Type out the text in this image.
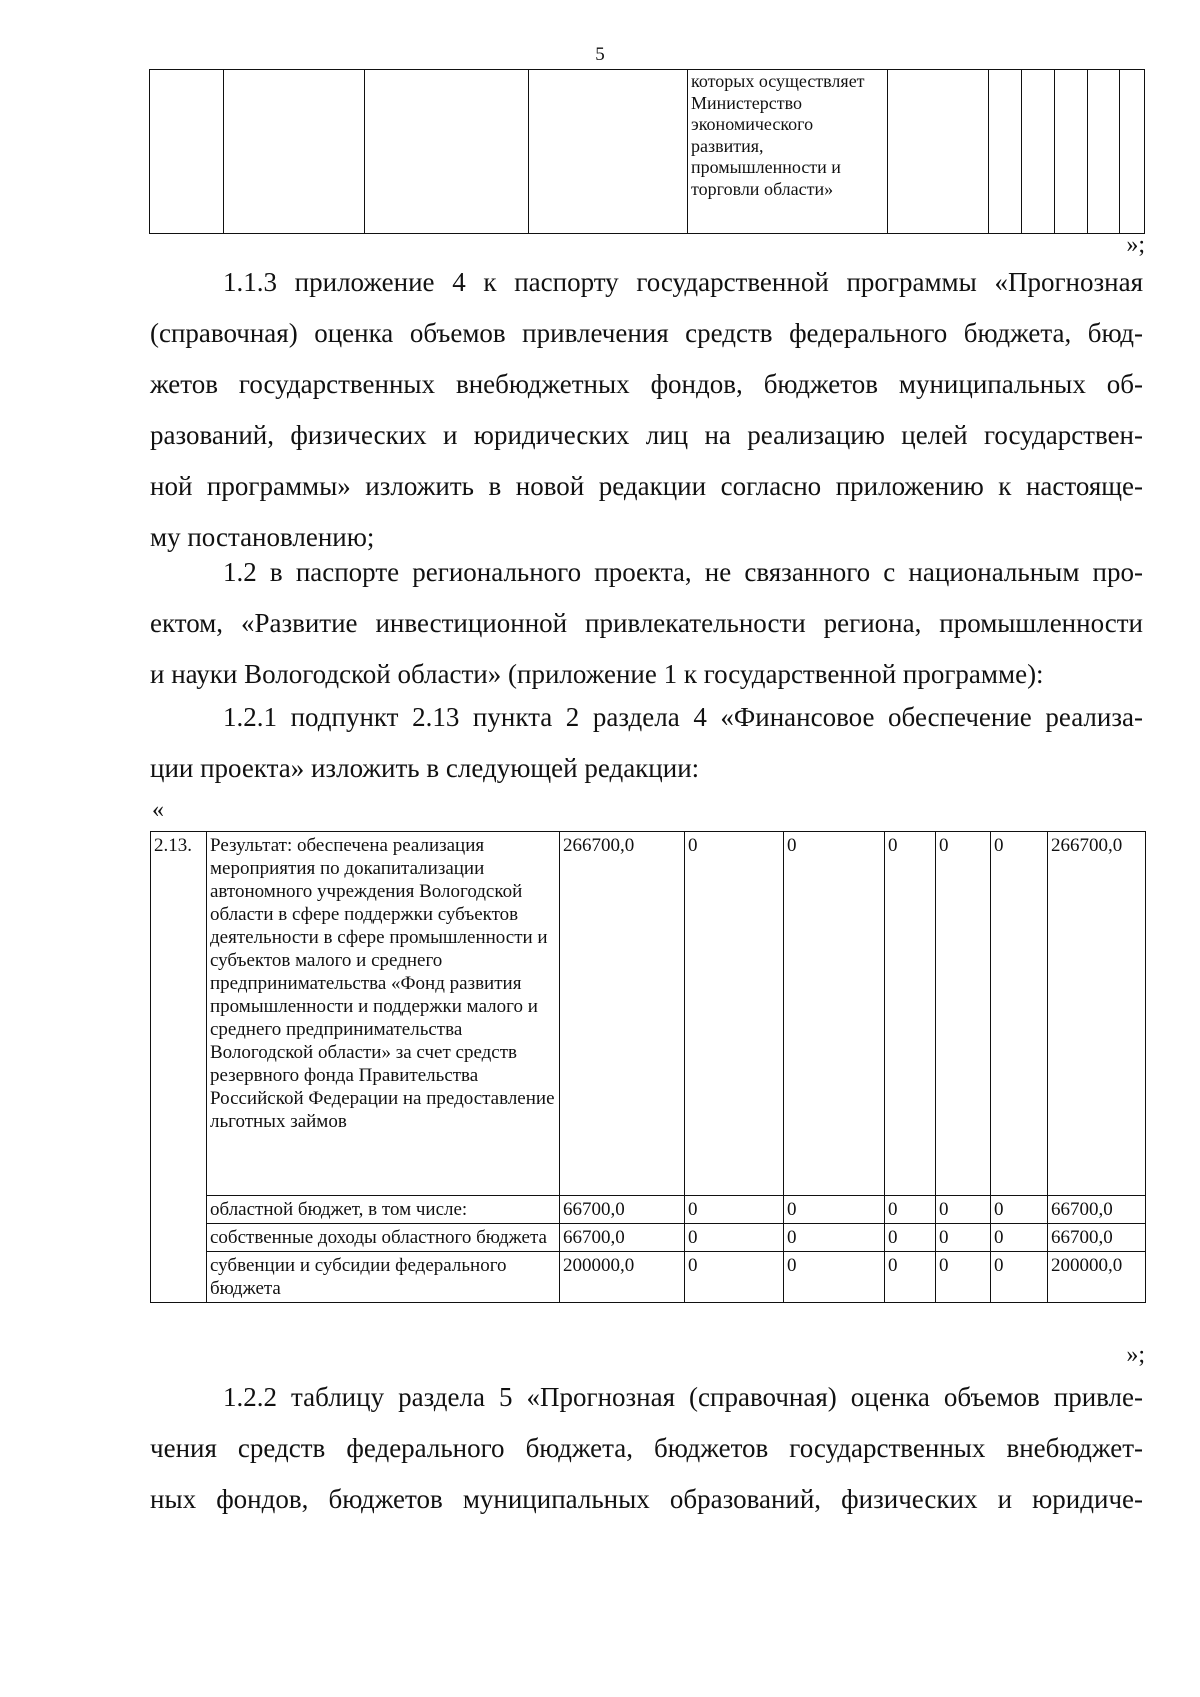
5
				которых осуществляет Министерство экономического развития, промышленности и торговли области»						
»;
1.1.3 приложение 4 к паспорту государственной программы «Прогнозная
(справочная) оценка объемов привлечения средств федерального бюджета, бюд-
жетов государственных внебюджетных фондов, бюджетов муниципальных об-
разований, физических и юридических лиц на реализацию целей государствен-
ной программы» изложить в новой редакции согласно приложению к настояще-
му постановлению;
1.2 в паспорте регионального проекта, не связанного с национальным про-
ектом, «Развитие инвестиционной привлекательности региона, промышленности
и науки Вологодской области» (приложение 1 к государственной программе):
1.2.1 подпункт 2.13 пункта 2 раздела 4 «Финансовое обеспечение реализа-
ции проекта» изложить в следующей редакции:
«
2.13.	Результат: обеспечена реализация мероприятия по докапитализации автономного учреждения Вологодской области в сфере поддержки субъектов деятельности в сфере промышленности и субъектов малого и среднего предпринимательства «Фонд развития промышленности и поддержки малого и среднего предпринимательства Вологодской области» за счет средств резервного фонда Правительства Российской Федерации на предоставление льготных займов	266700,0	0	0	0	0	0	266700,0
	областной бюджет, в том числе:	66700,0	0	0	0	0	0	66700,0
	собственные доходы областного бюджета	66700,0	0	0	0	0	0	66700,0
	субвенции и субсидии федерального бюджета	200000,0	0	0	0	0	0	200000,0
»;
1.2.2 таблицу раздела 5 «Прогнозная (справочная) оценка объемов привле-
чения средств федерального бюджета, бюджетов государственных внебюджет-
ных фондов, бюджетов муниципальных образований, физических и юридиче-
